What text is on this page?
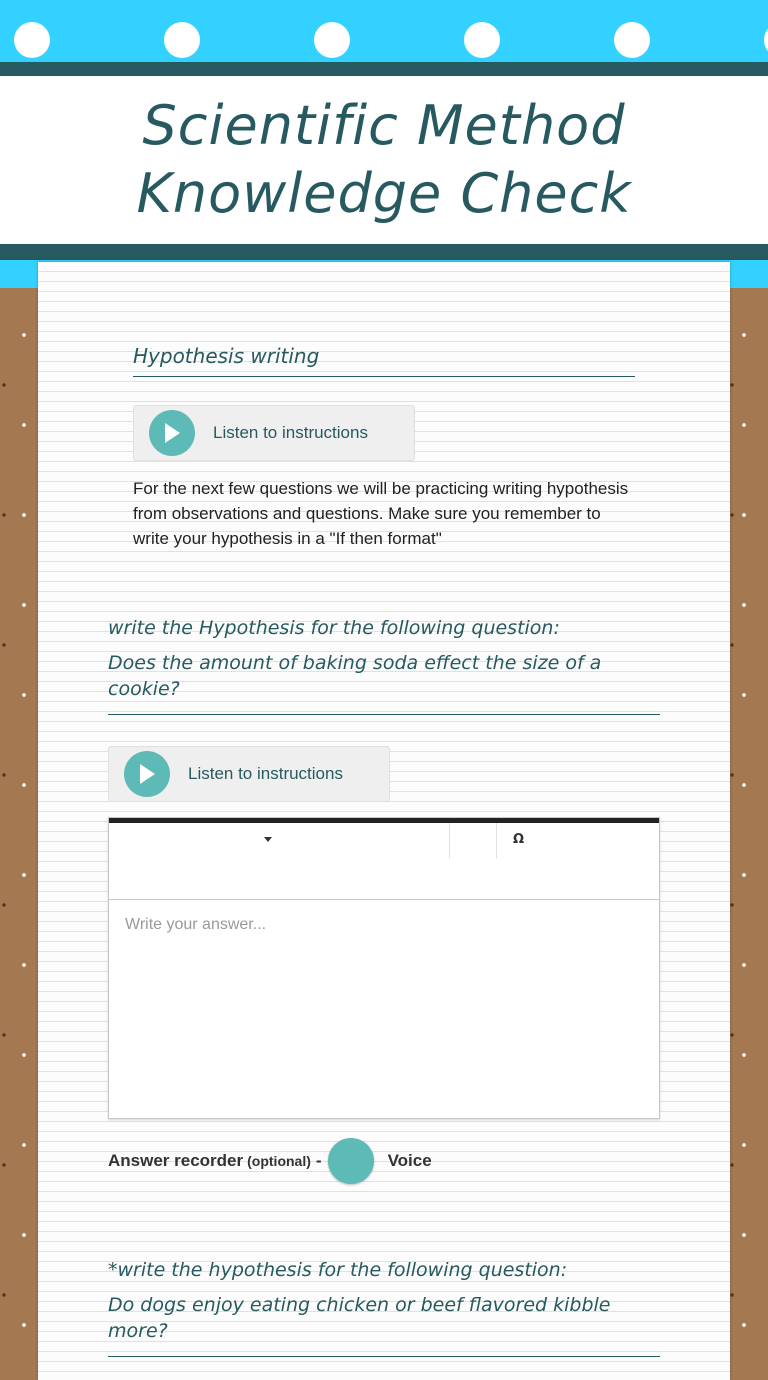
Scientific Method Knowledge Check
Hypothesis writing
Listen to instructions

For the next few questions we will be practicing writing hypothesis from observations and questions. Make sure you remember to write your hypothesis in a "If then format"

write the Hypothesis for the following question:
Does the amount of baking soda effect the size of a cookie?
Listen to instructions
Ω
Write your answer...
Answer recorder (optional) -	Voice
*write the hypothesis for the following question:
Do dogs enjoy eating chicken or beef flavored kibble more?
